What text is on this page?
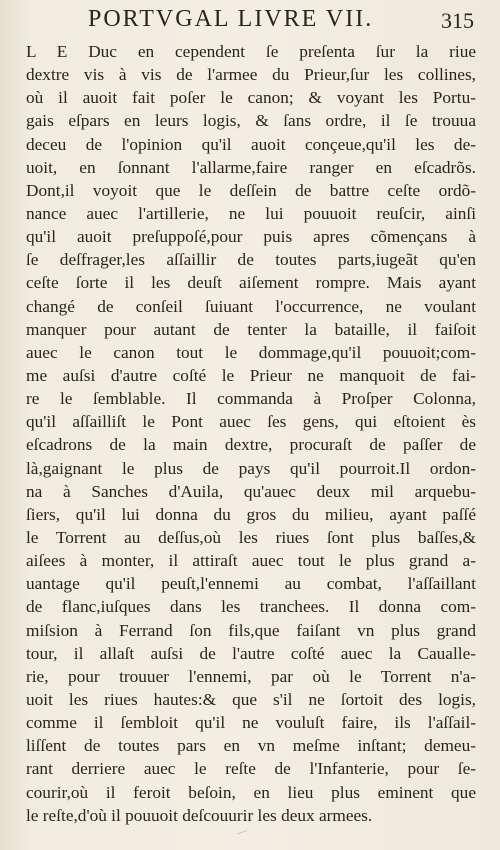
PORTVGAL LIVRE VII.	315
L E Duc en cependent ſe preſenta ſur la riue
dextre vis à vis de l'armee du Prieur,ſur les collines,
où il auoit fait poſer le canon; & voyant les Portu-
gais eſpars en leurs logis, & ſans ordre, il ſe trouua
deceu de l'opinion qu'il auoit conçeue,qu'il les de-
uoit, en ſonnant l'allarme,faire ranger en eſcadrõs.
Dont,il voyoit que le deſſein de battre ceſte ordõ-
nance auec l'artillerie, ne lui pouuoit reuſcir, ainſi
qu'il auoit preſuppoſé,pour puis apres cõmençans à
ſe deſfrager,les aſſaillir de toutes parts,iugeãt qu'en
ceſte ſorte il les deuſt aiſement rompre. Mais ayant
changé de conſeil ſuiuant l'occurrence, ne voulant
manquer pour autant de tenter la bataille, il faiſoit
auec le canon tout le dommage,qu'il pouuoit;com-
me auſsi d'autre coſté le Prieur ne manquoit de fai-
re le ſemblable. Il commanda à Proſper Colonna,
qu'il aſſailliſt le Pont auec ſes gens, qui eſtoient ès
eſcadrons de la main dextre, procuraſt de paſſer de
là,gaignant le plus de pays qu'il pourroit.Il ordon-
na à Sanches d'Auila, qu'auec deux mil arquebu-
ſiers, qu'il lui donna du gros du milieu, ayant paſſé
le Torrent au deſſus,où les riues ſont plus baſſes,&
aiſees à monter, il attiraſt auec tout le plus grand a-
uantage qu'il peuſt,l'ennemi au combat, l'aſſaillant
de flanc,iuſques dans les tranchees. Il donna com-
miſsion à Ferrand ſon fils,que faiſant vn plus grand
tour, il allaſt auſsi de l'autre coſté auec la Caualle-
rie, pour trouuer l'ennemi, par où le Torrent n'a-
uoit les riues hautes:& que s'il ne ſortoit des logis,
comme il ſembloit qu'il ne vouluſt faire, ils l'aſſail-
liſſent de toutes pars en vn meſme inſtant; demeu-
rant derriere auec le reſte de l'Infanterie, pour ſe-
courir,où il feroit beſoin, en lieu plus eminent que
le reſte,d'où il pouuoit deſcouurir les deux armees.
